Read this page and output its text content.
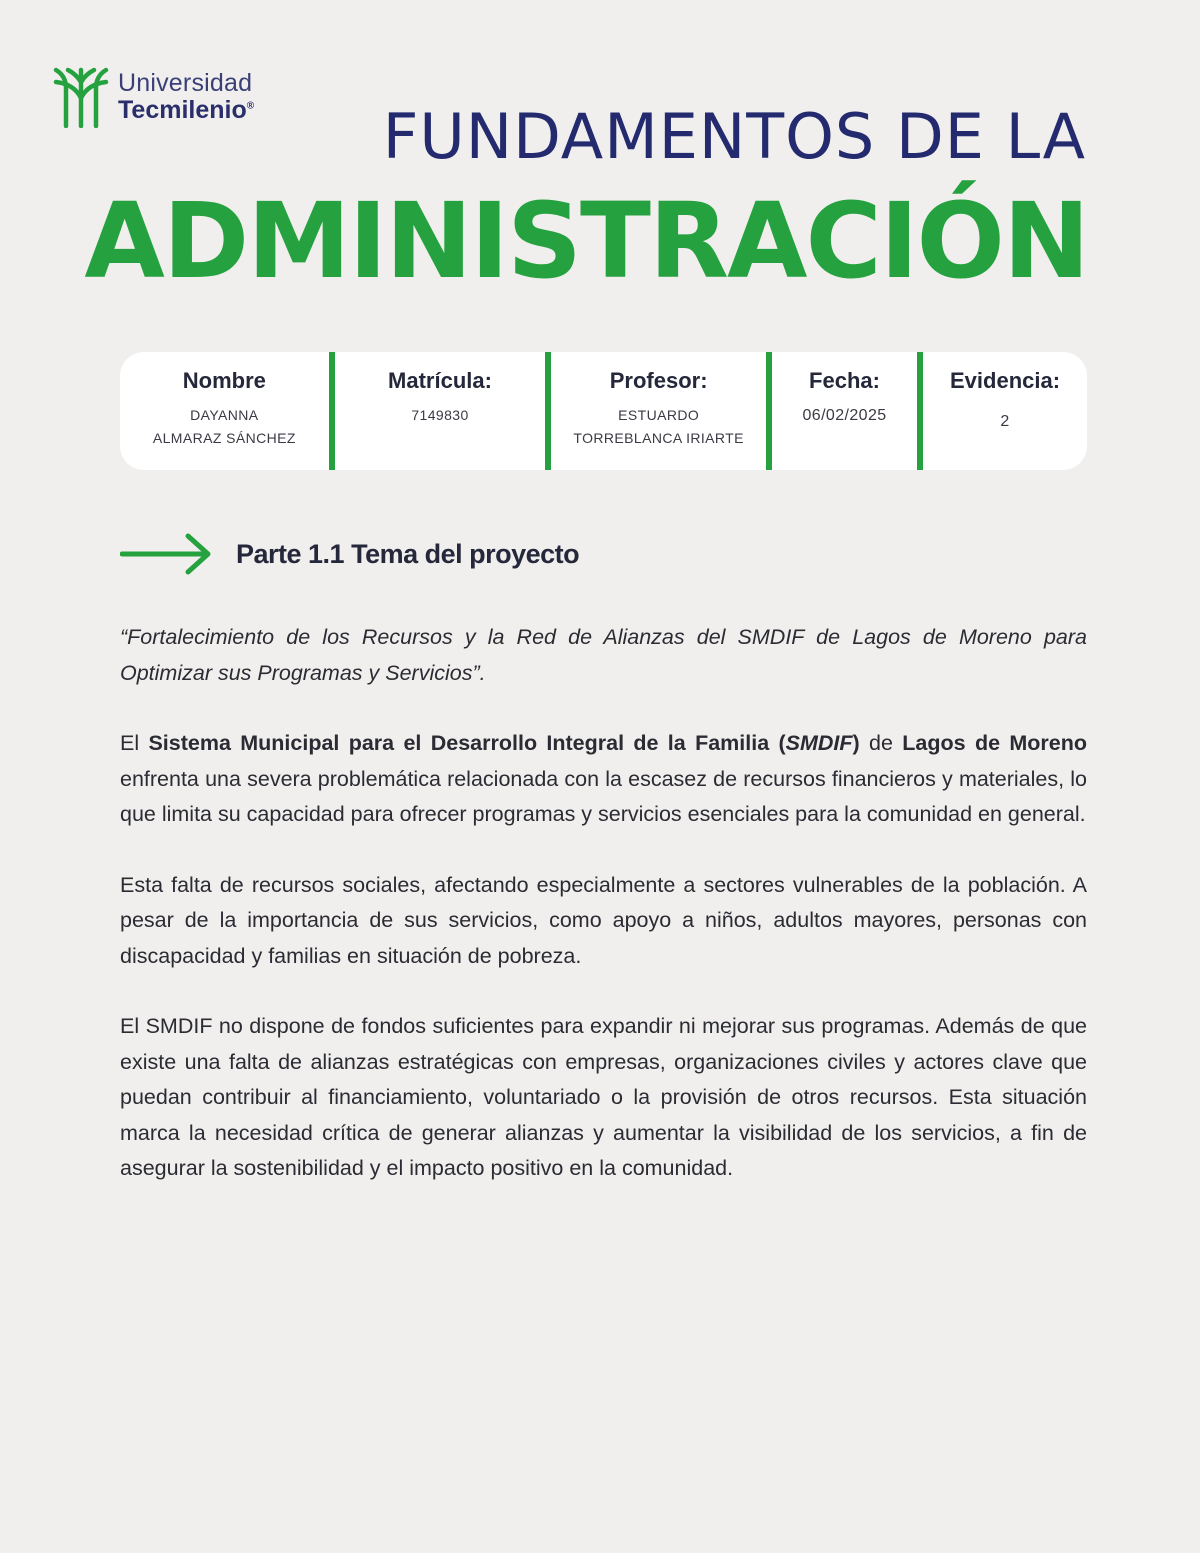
Universidad
Tecmilenio® FUNDAMENTOS DE LA
ADMINISTRACIÓN
Nombre
DAYANNA
ALMARAZ SÁNCHEZ
Matrícula:
7149830
Profesor:
ESTUARDO
TORREBLANCA IRIARTE
Fecha:
06/02/2025
Evidencia:
2
Parte 1.1 Tema del proyecto

“Fortalecimiento de los Recursos y la Red de Alianzas del SMDIF de Lagos de Moreno para Optimizar sus Programas y Servicios”.

El Sistema Municipal para el Desarrollo Integral de la Familia (SMDIF) de Lagos de Moreno enfrenta una severa problemática relacionada con la escasez de recursos financieros y materiales, lo que limita su capacidad para ofrecer programas y servicios esenciales para la comunidad en general.

Esta falta de recursos sociales, afectando especialmente a sectores vulnerables de la población. A pesar de la importancia de sus servicios, como apoyo a niños, adultos mayores, personas con discapacidad y familias en situación de pobreza.

El SMDIF no dispone de fondos suficientes para expandir ni mejorar sus programas. Además de que existe una falta de alianzas estratégicas con empresas, organizaciones civiles y actores clave que puedan contribuir al financiamiento, voluntariado o la provisión de otros recursos. Esta situación marca la necesidad crítica de generar alianzas y aumentar la visibilidad de los servicios, a fin de asegurar la sostenibilidad y el impacto positivo en la comunidad.
